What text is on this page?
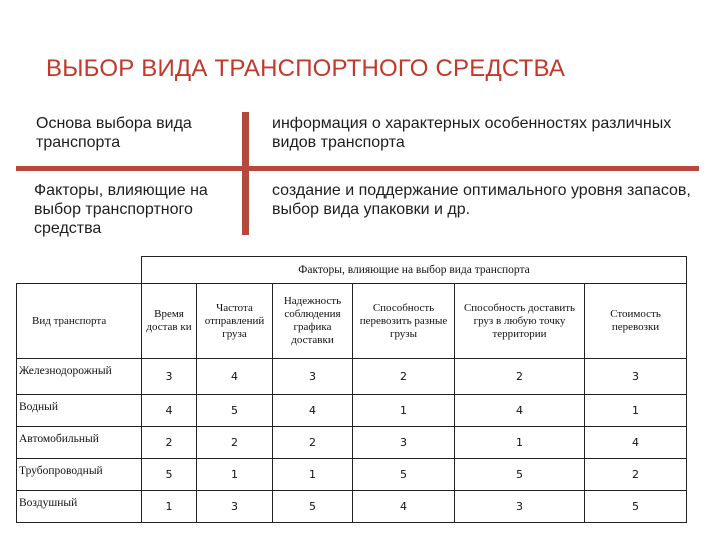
ВЫБОР ВИДА ТРАНСПОРТНОГО СРЕДСТВА
Основа выбора вида транспорта
информация о характерных особенностях различных видов транспорта
Факторы, влияющие на выбор транспортного средства
создание и поддержание оптимального уровня запасов, выбор вида упаковки и др.
	Факторы, влияющие на выбор вида транспорта					
Вид транспорта	Время достав ки	Частота отправлений груза	Надежность соблюдения графика доставки	Способность перевозить разные грузы	Способность доставить груз в любую точку территории	Стоимость перевозки
Железнодорожный	3	4	3	2	2	3
Водный	4	5	4	1	4	1
Автомобильный	2	2	2	3	1	4
Трубопроводный	5	1	1	5	5	2
Воздушный	1	3	5	4	3	5
